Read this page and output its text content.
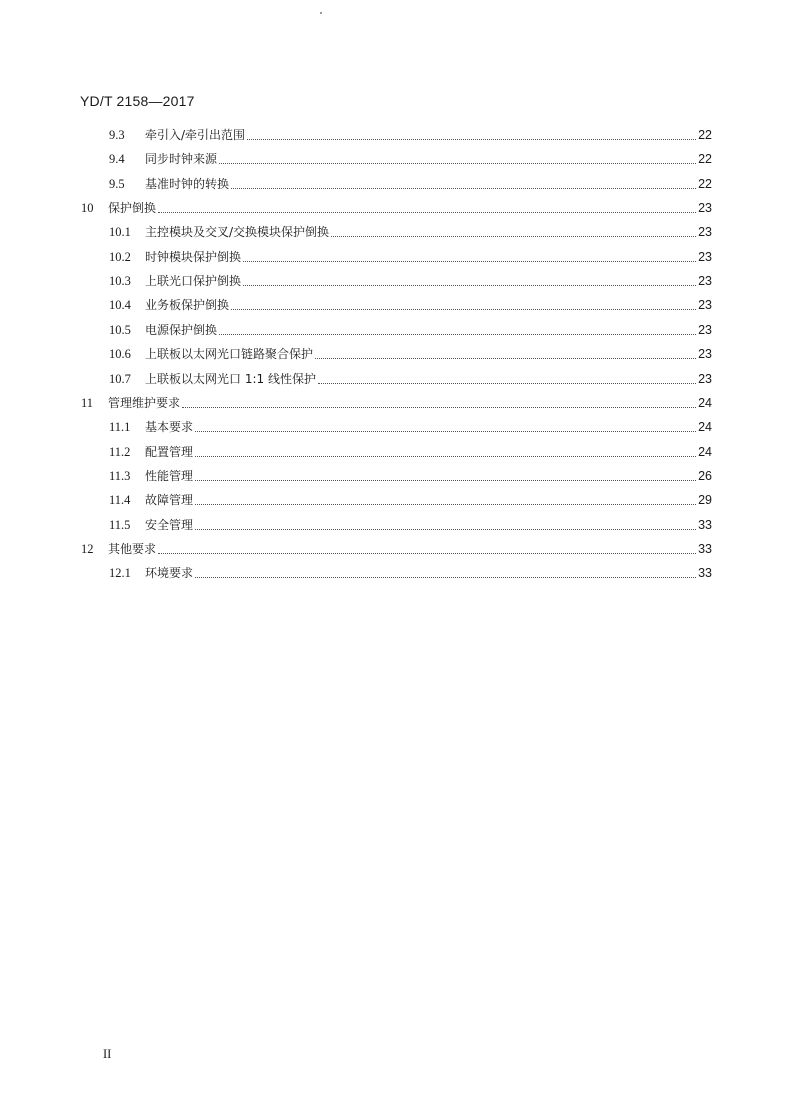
YD/T 2158—2017
9.3	牵引入/牵引出范围	22
9.4	同步时钟来源	22
9.5	基准时钟的转换	22
10	保护倒换	23
10.1	主控模块及交叉/交换模块保护倒换	23
10.2	时钟模块保护倒换	23
10.3	上联光口保护倒换	23
10.4	业务板保护倒换	23
10.5	电源保护倒换	23
10.6	上联板以太网光口链路聚合保护	23
10.7	上联板以太网光口 1:1 线性保护	23
11	管理维护要求	24
11.1	基本要求	24
11.2	配置管理	24
11.3	性能管理	26
11.4	故障管理	29
11.5	安全管理	33
12	其他要求	33
12.1	环境要求	33
II
